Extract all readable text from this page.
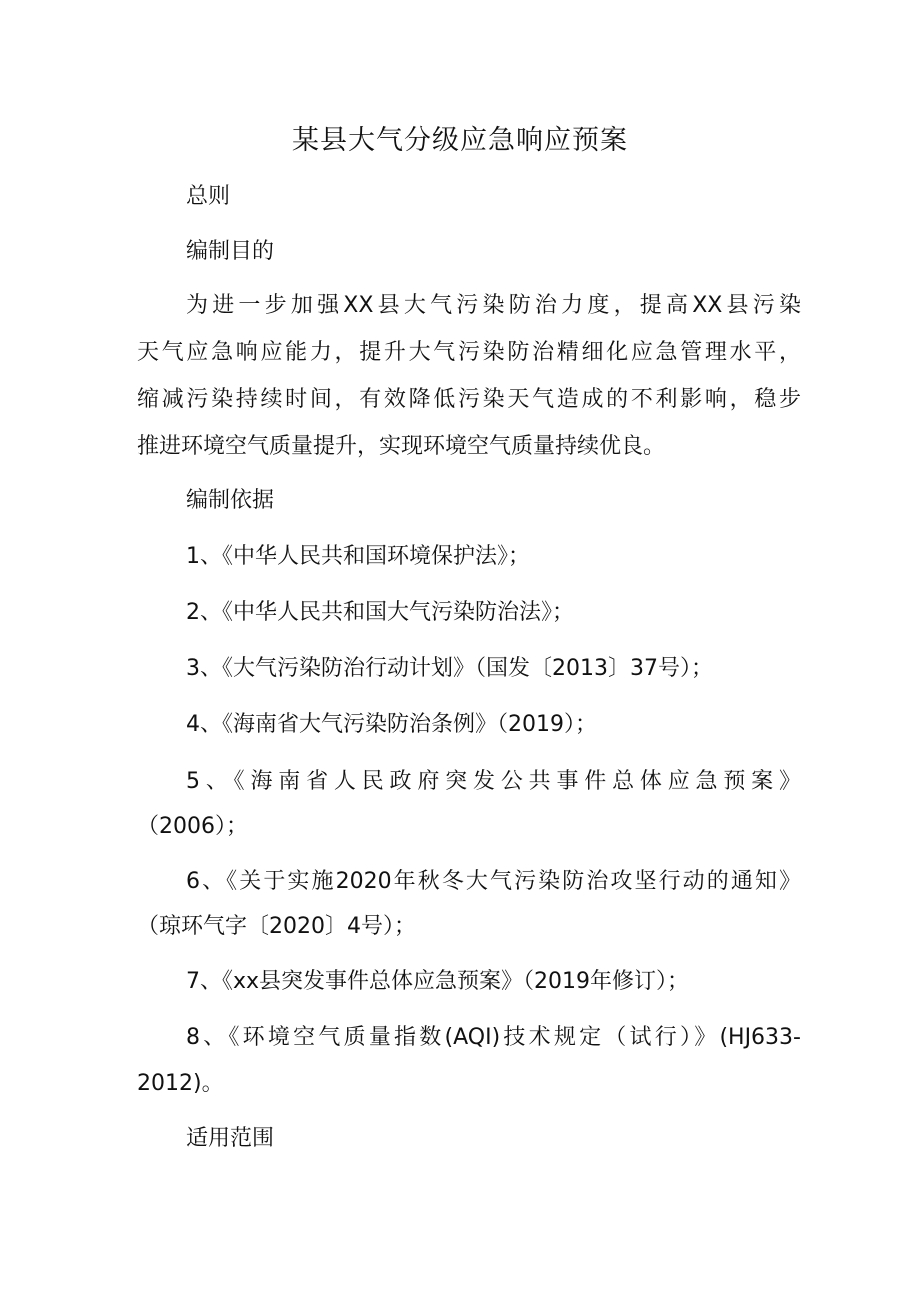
某县大气分级应急响应预案
总则
编制目的
为进一步加强XX县大气污染防治力度，提高XX县污染
天气应急响应能力，提升大气污染防治精细化应急管理水平，
缩减污染持续时间，有效降低污染天气造成的不利影响，稳步
推进环境空气质量提升，实现环境空气质量持续优良。
编制依据
1、《中华人民共和国环境保护法》；
2、《中华人民共和国大气污染防治法》；
3、《大气污染防治行动计划》（国发〔2013〕37号）；
4、《海南省大气污染防治条例》（2019）；
5、《海南省人民政府突发公共事件总体应急预案》
（2006）；
6、《关于实施2020年秋冬大气污染防治攻坚行动的通知》
（琼环气字〔2020〕4号）；
7、《xx县突发事件总体应急预案》（2019年修订）；
8、《环境空气质量指数(AQI)技术规定（试行）》(HJ633-
2012)。
适用范围
